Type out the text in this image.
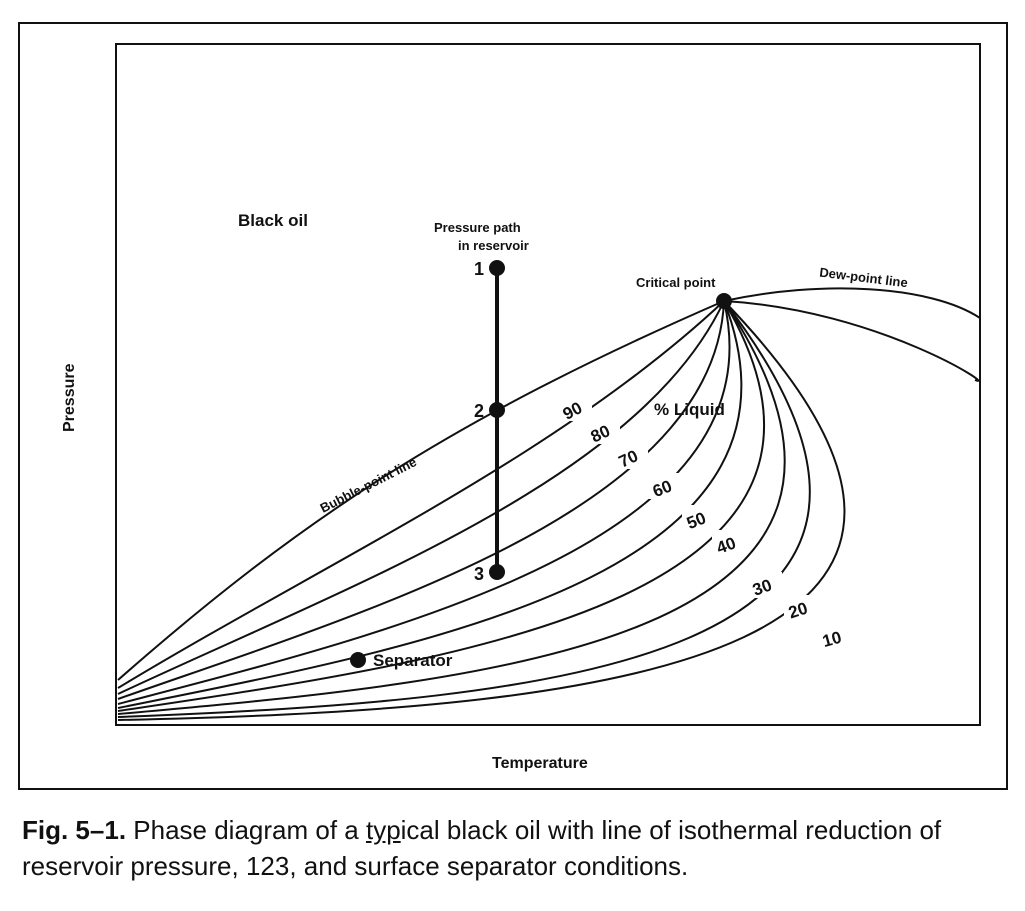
90
80
70
60
50
40
30
20
10
1
2
3
Black oil	Pressure path
in reservoir
Critical point	Dew-point line
Bubble-point line
% Liquid
Separator
Temperature
Pressure
Fig. 5–1. Phase diagram of a typical black oil with line of isothermal reduction of reservoir pressure, 123, and surface separator conditions.
